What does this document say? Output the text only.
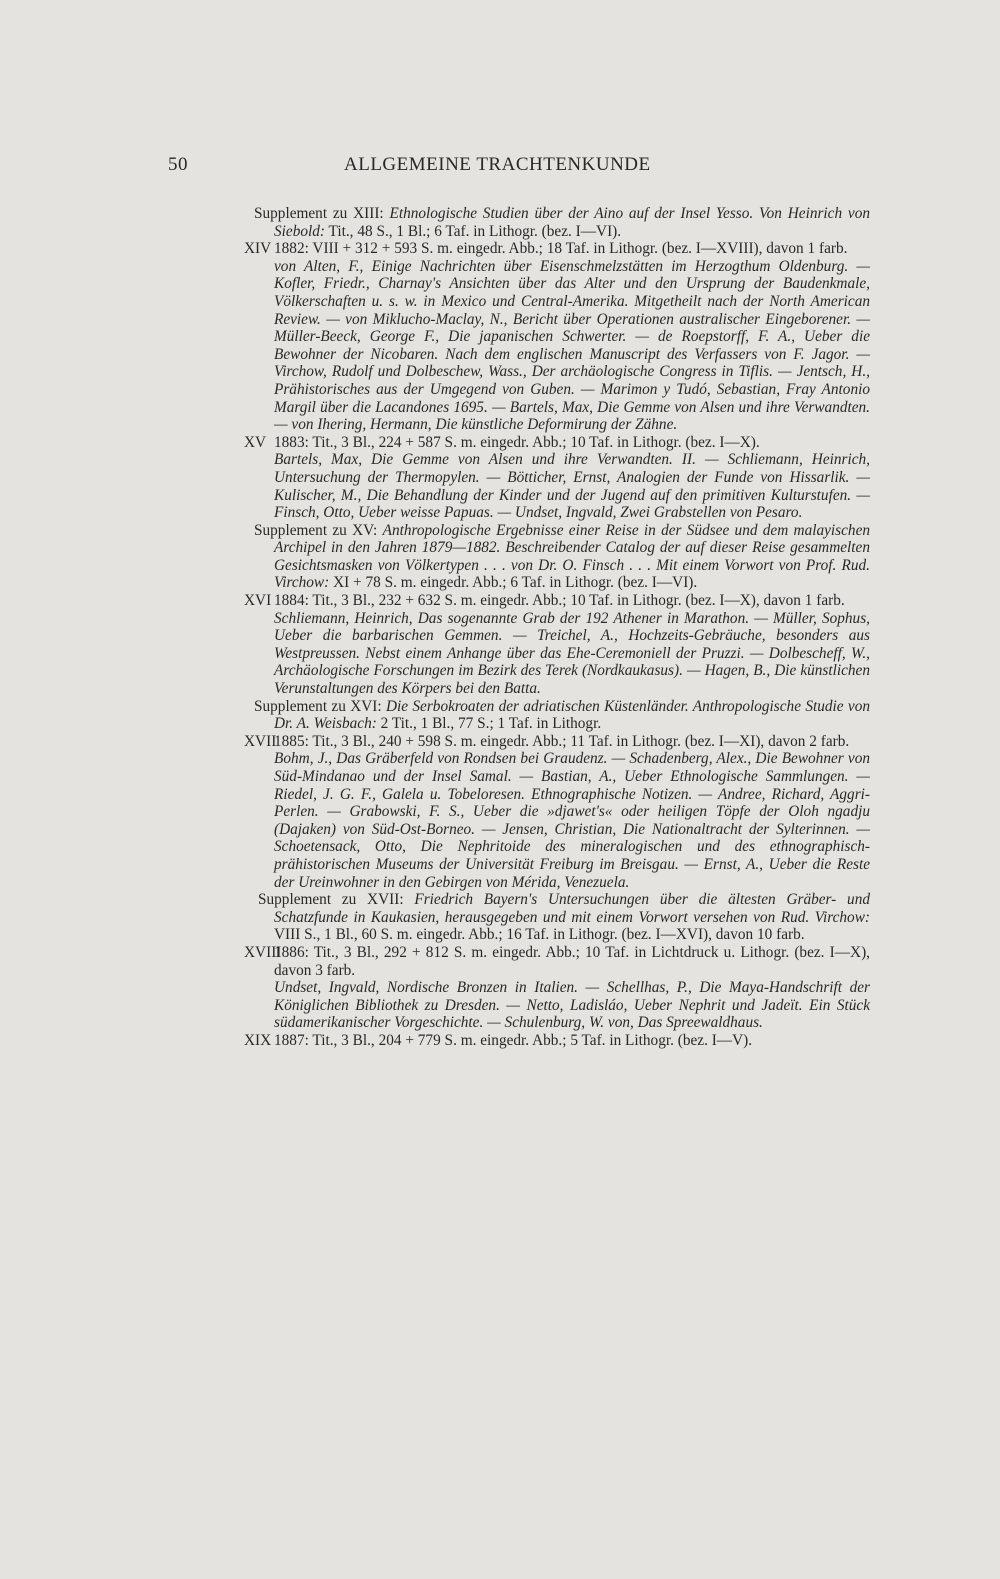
50	ALLGEMEINE TRACHTENKUNDE

Supplement zu XIII: Ethnologische Studien über der Aino auf der Insel Yesso. Von Heinrich von Siebold: Tit., 48 S., 1 Bl.; 6 Taf. in Lithogr. (bez. I—VI).

XIV 1882: VIII + 312 + 593 S. m. eingedr. Abb.; 18 Taf. in Lithogr. (bez. I—XVIII), davon 1 farb.

von Alten, F., Einige Nachrichten über Eisenschmelzstätten im Herzogthum Oldenburg. — Kofler, Friedr., Charnay's Ansichten über das Alter und den Ursprung der Baudenkmale, Völkerschaften u. s. w. in Mexico und Central-Amerika. Mitgetheilt nach der North American Review. — von Miklucho-Maclay, N., Bericht über Operationen australischer Eingeborener. — Müller-Beeck, George F., Die japanischen Schwerter. — de Roepstorff, F. A., Ueber die Bewohner der Nicobaren. Nach dem englischen Manuscript des Verfassers von F. Jagor. — Virchow, Rudolf und Dolbeschew, Wass., Der archäologische Congress in Tiflis. — Jentsch, H., Prähistorisches aus der Umgegend von Guben. — Marimon y Tudó, Sebastian, Fray Antonio Margil über die Lacandones 1695. — Bartels, Max, Die Gemme von Alsen und ihre Verwandten. — von Ihering, Hermann, Die künstliche Deformirung der Zähne.

XV 1883: Tit., 3 Bl., 224 + 587 S. m. eingedr. Abb.; 10 Taf. in Lithogr. (bez. I—X).

Bartels, Max, Die Gemme von Alsen und ihre Verwandten. II. — Schliemann, Heinrich, Untersuchung der Thermopylen. — Bötticher, Ernst, Analogien der Funde von Hissarlik. — Kulischer, M., Die Behandlung der Kinder und der Jugend auf den primitiven Kulturstufen. — Finsch, Otto, Ueber weisse Papuas. — Undset, Ingvald, Zwei Grabstellen von Pesaro.

Supplement zu XV: Anthropologische Ergebnisse einer Reise in der Südsee und dem malayischen Archipel in den Jahren 1879—1882. Beschreibender Catalog der auf dieser Reise gesammelten Gesichtsmasken von Völkertypen . . . von Dr. O. Finsch . . . Mit einem Vorwort von Prof. Rud. Virchow: XI + 78 S. m. eingedr. Abb.; 6 Taf. in Lithogr. (bez. I—VI).

XVI 1884: Tit., 3 Bl., 232 + 632 S. m. eingedr. Abb.; 10 Taf. in Lithogr. (bez. I—X), davon 1 farb.

Schliemann, Heinrich, Das sogenannte Grab der 192 Athener in Marathon. — Müller, Sophus, Ueber die barbarischen Gemmen. — Treichel, A., Hochzeits-Gebräuche, besonders aus Westpreussen. Nebst einem Anhange über das Ehe-Ceremoniell der Pruzzi. — Dolbescheff, W., Archäologische Forschungen im Bezirk des Terek (Nordkaukasus). — Hagen, B., Die künstlichen Verunstaltungen des Körpers bei den Batta.

Supplement zu XVI: Die Serbokroaten der adriatischen Küstenländer. Anthropologische Studie von Dr. A. Weisbach: 2 Tit., 1 Bl., 77 S.; 1 Taf. in Lithogr.

XVII1885: Tit., 3 Bl., 240 + 598 S. m. eingedr. Abb.; 11 Taf. in Lithogr. (bez. I—XI), davon 2 farb.

Bohm, J., Das Gräberfeld von Rondsen bei Graudenz. — Schadenberg, Alex., Die Bewohner von Süd-Mindanao und der Insel Samal. — Bastian, A., Ueber Ethnologische Sammlungen. — Riedel, J. G. F., Galela u. Tobeloresen. Ethnographische Notizen. — Andree, Richard, Aggri-Perlen. — Grabowski, F. S., Ueber die »djawet's« oder heiligen Töpfe der Oloh ngadju (Dajaken) von Süd-Ost-Borneo. — Jensen, Christian, Die Nationaltracht der Sylterinnen. — Schoetensack, Otto, Die Nephritoide des mineralogischen und des ethnographisch-prähistorischen Museums der Universität Freiburg im Breisgau. — Ernst, A., Ueber die Reste der Ureinwohner in den Gebirgen von Mérida, Venezuela.

Supplement zu XVII: Friedrich Bayern's Untersuchungen über die ältesten Gräber- und Schatzfunde in Kaukasien, herausgegeben und mit einem Vorwort versehen von Rud. Virchow: VIII S., 1 Bl., 60 S. m. eingedr. Abb.; 16 Taf. in Lithogr. (bez. I—XVI), davon 10 farb.

XVIII1886: Tit., 3 Bl., 292 + 812 S. m. eingedr. Abb.; 10 Taf. in Lichtdruck u. Lithogr. (bez. I—X), davon 3 farb.

Undset, Ingvald, Nordische Bronzen in Italien. — Schellhas, P., Die Maya-Handschrift der Königlichen Bibliothek zu Dresden. — Netto, Ladisláo, Ueber Nephrit und Jadeït. Ein Stück südamerikanischer Vorgeschichte. — Schulenburg, W. von, Das Spreewaldhaus.

XIX 1887: Tit., 3 Bl., 204 + 779 S. m. eingedr. Abb.; 5 Taf. in Lithogr. (bez. I—V).
